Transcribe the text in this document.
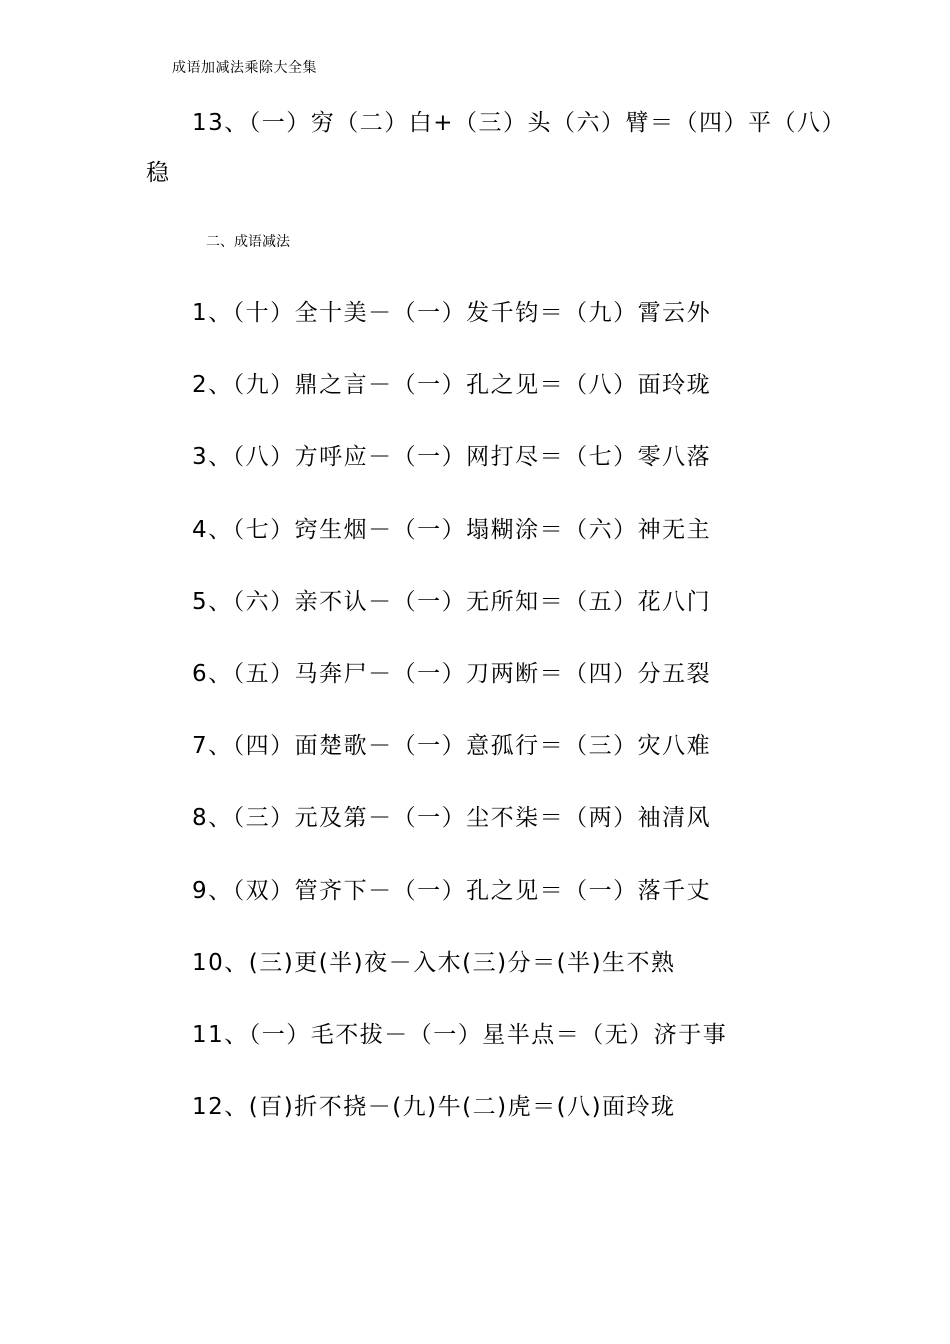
成语加减法乘除大全集
13、（一）穷（二）白+（三）头（六）臂＝（四）平（八）
稳
二、成语减法
1、（十）全十美－（一）发千钧＝（九）霄云外
2、（九）鼎之言－（一）孔之见＝（八）面玲珑
3、（八）方呼应－（一）网打尽＝（七）零八落
4、（七）窍生烟－（一）塌糊涂＝（六）神无主
5、（六）亲不认－（一）无所知＝（五）花八门
6、（五）马奔尸－（一）刀两断＝（四）分五裂
7、（四）面楚歌－（一）意孤行＝（三）灾八难
8、（三）元及第－（一）尘不柒＝（两）袖清风
9、（双）管齐下－（一）孔之见＝（一）落千丈
10、(三)更(半)夜－入木(三)分＝(半)生不熟
11、（一）毛不拔－（一）星半点＝（无）济于事
12、(百)折不挠－(九)牛(二)虎＝(八)面玲珑
